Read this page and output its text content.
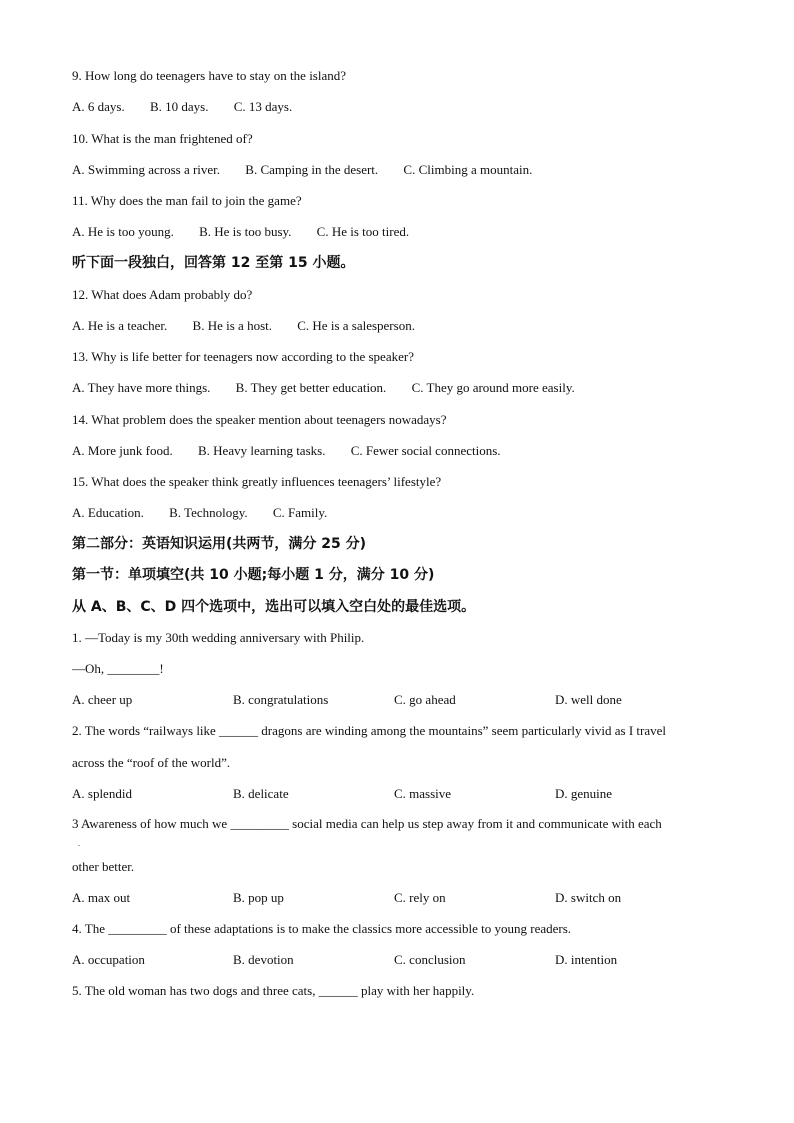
9. How long do teenagers have to stay on the island?
A. 6 days. B. 10 days. C. 13 days.
10. What is the man frightened of?
A. Swimming across a river. B. Camping in the desert. C. Climbing a mountain.
11. Why does the man fail to join the game?
A. He is too young. B. He is too busy. C. He is too tired.
听下面一段独白，回答第 12 至第 15 小题。
12. What does Adam probably do?
A. He is a teacher. B. He is a host. C. He is a salesperson.
13. Why is life better for teenagers now according to the speaker?
A. They have more things. B. They get better education. C. They go around more easily.
14. What problem does the speaker mention about teenagers nowadays?
A. More junk food. B. Heavy learning tasks. C. Fewer social connections.
15. What does the speaker think greatly influences teenagers’ lifestyle?
A. Education. B. Technology. C. Family.
第二部分：英语知识运用(共两节，满分 25 分)
第一节：单项填空(共 10 小题;每小题 1 分，满分 10 分)
从 A、B、C、D 四个选项中，选出可以填入空白处的最佳选项。
1. —Today is my 30th wedding anniversary with Philip.
—Oh, ________!
A. cheer up	B. congratulations	C. go ahead	D. well done
2. The words “railways like ______ dragons are winding among the mountains” seem particularly vivid as I travel
across the “roof of the world”.
A. splendid	B. delicate	C. massive	D. genuine
3 Awareness of how much we _________ social media can help us step away from it and communicate with each
.
other better.
A. max out	B. pop up	C. rely on	D. switch on
4. The _________ of these adaptations is to make the classics more accessible to young readers.
A. occupation	B. devotion	C. conclusion	D. intention
5. The old woman has two dogs and three cats, ______ play with her happily.
